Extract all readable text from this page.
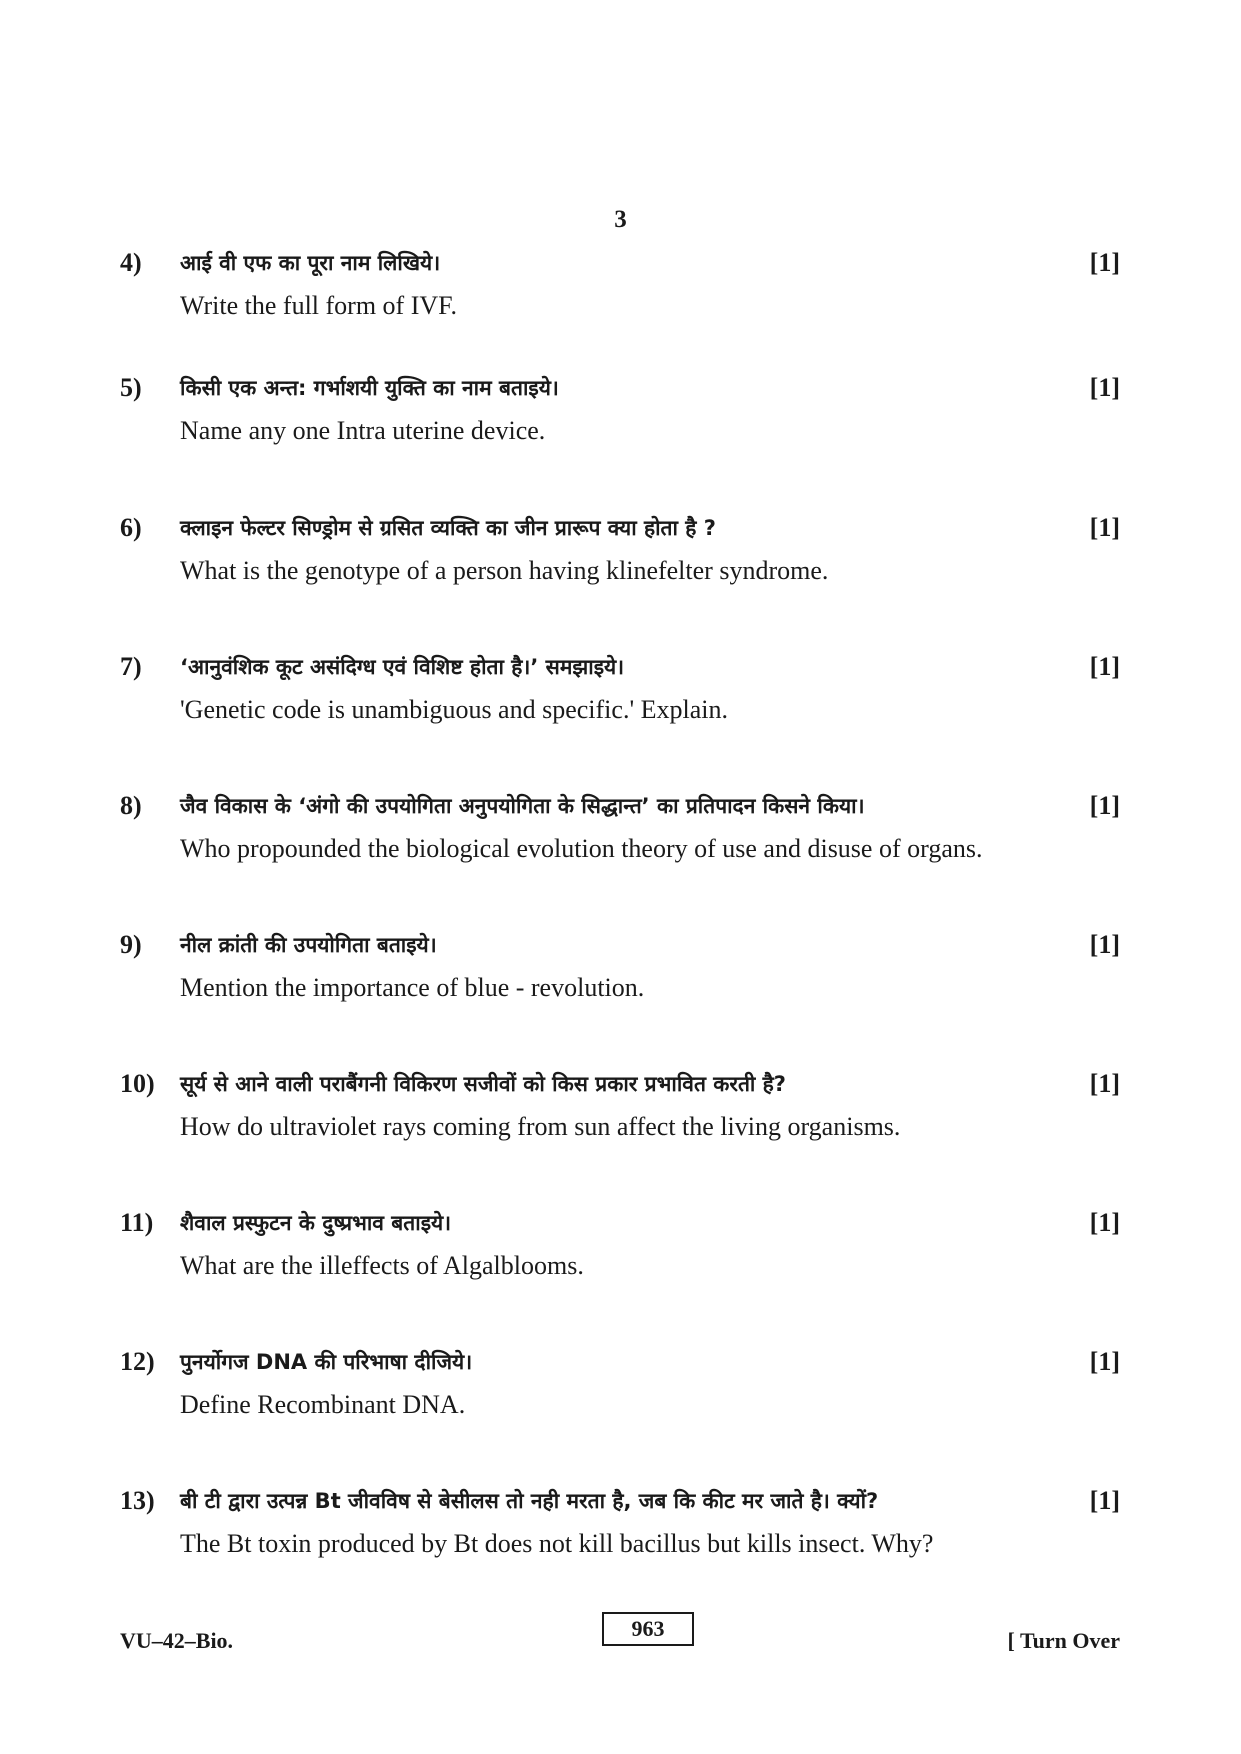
3
4) आई वी एफ का पूरा नाम लिखिये।	[1]
Write the full form of IVF.
5) किसी एक अन्त: गर्भाशयी युक्ति का नाम बताइये।	[1]
Name any one Intra uterine device.
6) क्लाइन फेल्टर सिण्ड्रोम से ग्रसित व्यक्ति का जीन प्रारूप क्या होता है ?	[1]
What is the genotype of a person having klinefelter syndrome.
7) ‘आनुवंशिक कूट असंदिग्ध एवं विशिष्ट होता है।’ समझाइये।	[1]
'Genetic code is unambiguous and specific.' Explain.
8) जैव विकास के ‘अंगो की उपयोगिता अनुपयोगिता के सिद्धान्त’ का प्रतिपादन किसने किया।	[1]
Who propounded the biological evolution theory of use and disuse of organs.
9) नील क्रांती की उपयोगिता बताइये।	[1]
Mention the importance of blue - revolution.
10) सूर्य से आने वाली पराबैंगनी विकिरण सजीवों को किस प्रकार प्रभावित करती है?	[1]
How do ultraviolet rays coming from sun affect the living organisms.
11) शैवाल प्रस्फुटन के दुष्प्रभाव बताइये।	[1]
What are the illeffects of Algalblooms.
12) पुनर्योगज DNA की परिभाषा दीजिये।	[1]
Define Recombinant DNA.
13) बी टी द्वारा उत्पन्न Bt जीवविष से बेसीलस तो नही मरता है, जब कि कीट मर जाते है। क्यों?	[1]
The Bt toxin produced by Bt does not kill bacillus but kills insect. Why?
VU–42–Bio.	963	[ Turn Over
